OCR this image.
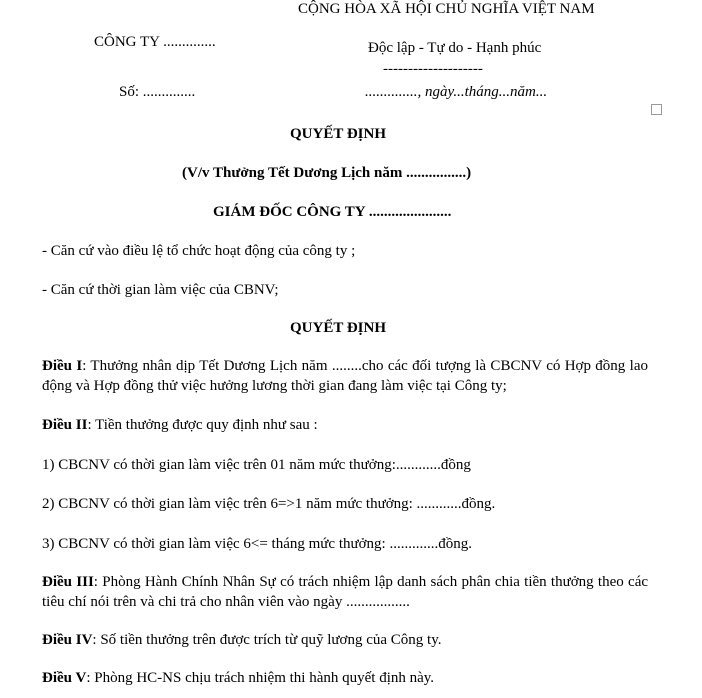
CỘNG HÒA XÃ HỘI CHỦ NGHĨA VIỆT NAM
CÔNG TY ..............	Độc lập - Tự do - Hạnh phúc
--------------------
Số: ..............	.............., ngày...tháng...năm...
QUYẾT ĐỊNH
(V/v Thưởng Tết Dương Lịch năm ................)
GIÁM ĐỐC CÔNG TY ......................
- Căn cứ vào điều lệ tổ chức hoạt động của công ty ;
- Căn cứ thời gian làm việc của CBNV;
QUYẾT ĐỊNH
Điều I: Thưởng nhân dịp Tết Dương Lịch năm ........cho các đối tượng là CBCNV có Hợp đồng lao động và Hợp đồng thử việc hưởng lương thời gian đang làm việc tại Công ty;
Điều II: Tiền thưởng được quy định như sau :
1) CBCNV có thời gian làm việc trên 01 năm mức thưởng:............đồng
2) CBCNV có thời gian làm việc trên 6=>1 năm mức thưởng: ............đồng.
3) CBCNV có thời gian làm việc 6<= tháng mức thưởng: .............đồng.
Điều III: Phòng Hành Chính Nhân Sự có trách nhiệm lập danh sách phân chia tiền thưởng theo các tiêu chí nói trên và chi trả cho nhân viên vào ngày .................
Điều IV: Số tiền thưởng trên được trích từ quỹ lương của Công ty.
Điều V: Phòng HC-NS chịu trách nhiệm thi hành quyết định này.
